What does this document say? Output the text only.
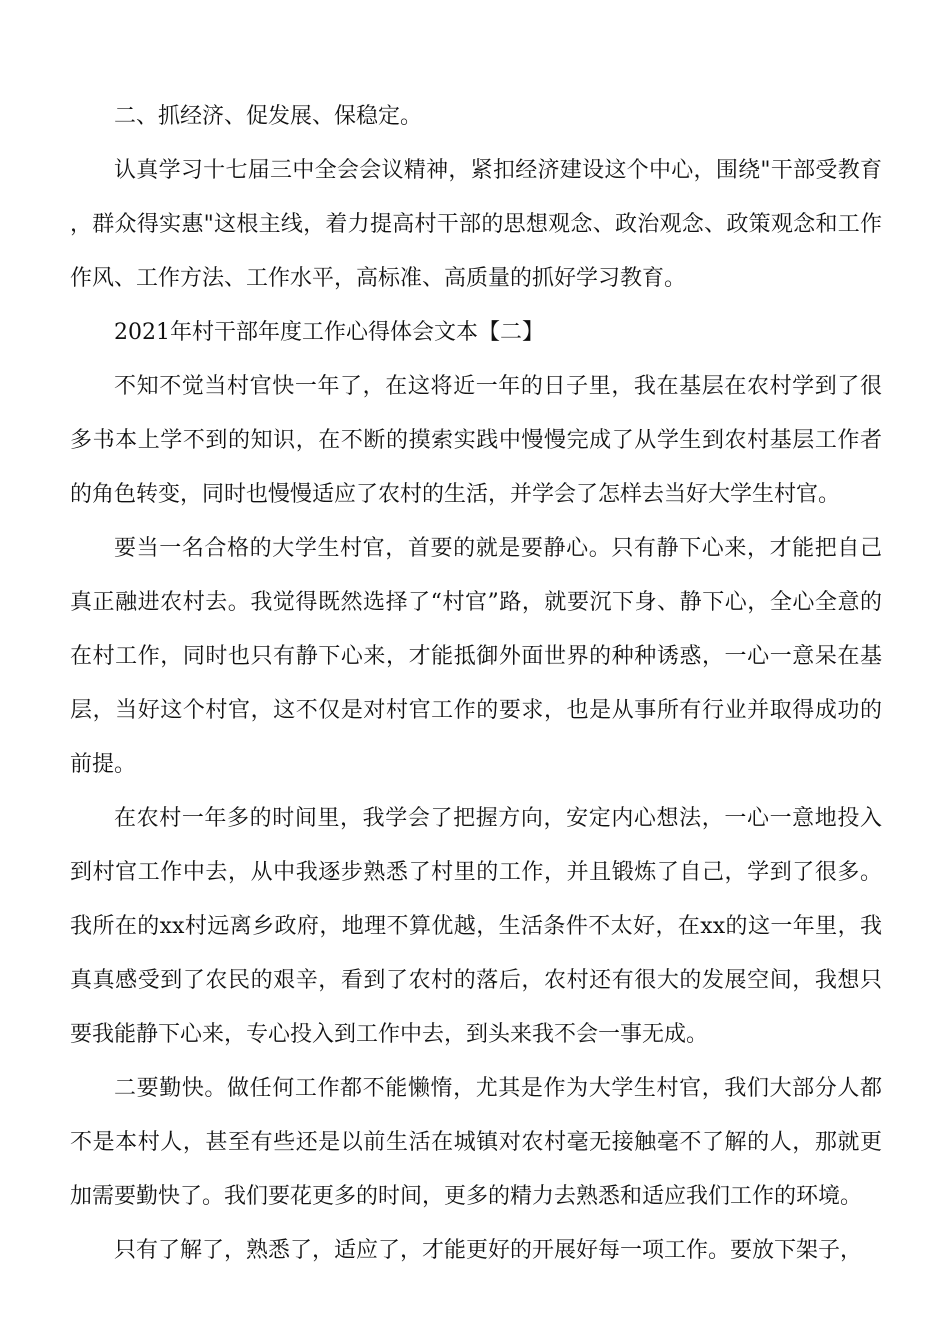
二、抓经济、促发展、保稳定。

认真学习十七届三中全会会议精神，紧扣经济建设这个中心，围绕"干部受教育，群众得实惠"这根主线，着力提高村干部的思想观念、政治观念、政策观念和工作作风、工作方法、工作水平，高标准、高质量的抓好学习教育。

2021年村干部年度工作心得体会文本【二】

不知不觉当村官快一年了，在这将近一年的日子里，我在基层在农村学到了很多书本上学不到的知识，在不断的摸索实践中慢慢完成了从学生到农村基层工作者的角色转变，同时也慢慢适应了农村的生活，并学会了怎样去当好大学生村官。

要当一名合格的大学生村官，首要的就是要静心。只有静下心来，才能把自己真正融进农村去。我觉得既然选择了“村官”路，就要沉下身、静下心，全心全意的在村工作，同时也只有静下心来，才能抵御外面世界的种种诱惑，一心一意呆在基层，当好这个村官，这不仅是对村官工作的要求，也是从事所有行业并取得成功的前提。

在农村一年多的时间里，我学会了把握方向，安定内心想法，一心一意地投入到村官工作中去，从中我逐步熟悉了村里的工作，并且锻炼了自己，学到了很多。我所在的xx村远离乡政府，地理不算优越，生活条件不太好，在xx的这一年里，我真真感受到了农民的艰辛，看到了农村的落后，农村还有很大的发展空间，我想只要我能静下心来，专心投入到工作中去，到头来我不会一事无成。

二要勤快。做任何工作都不能懒惰，尤其是作为大学生村官，我们大部分人都不是本村人，甚至有些还是以前生活在城镇对农村毫无接触毫不了解的人，那就更加需要勤快了。我们要花更多的时间，更多的精力去熟悉和适应我们工作的环境。

只有了解了，熟悉了，适应了，才能更好的开展好每一项工作。要放下架子，
